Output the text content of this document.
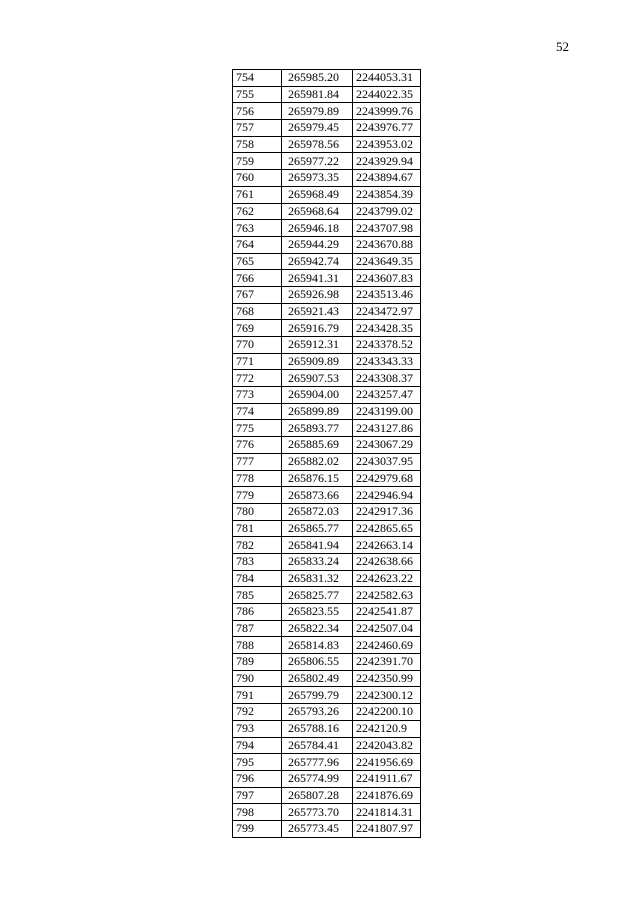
52
754	265985.20	2244053.31
755	265981.84	2244022.35
756	265979.89	2243999.76
757	265979.45	2243976.77
758	265978.56	2243953.02
759	265977.22	2243929.94
760	265973.35	2243894.67
761	265968.49	2243854.39
762	265968.64	2243799.02
763	265946.18	2243707.98
764	265944.29	2243670.88
765	265942.74	2243649.35
766	265941.31	2243607.83
767	265926.98	2243513.46
768	265921.43	2243472.97
769	265916.79	2243428.35
770	265912.31	2243378.52
771	265909.89	2243343.33
772	265907.53	2243308.37
773	265904.00	2243257.47
774	265899.89	2243199.00
775	265893.77	2243127.86
776	265885.69	2243067.29
777	265882.02	2243037.95
778	265876.15	2242979.68
779	265873.66	2242946.94
780	265872.03	2242917.36
781	265865.77	2242865.65
782	265841.94	2242663.14
783	265833.24	2242638.66
784	265831.32	2242623.22
785	265825.77	2242582.63
786	265823.55	2242541.87
787	265822.34	2242507.04
788	265814.83	2242460.69
789	265806.55	2242391.70
790	265802.49	2242350.99
791	265799.79	2242300.12
792	265793.26	2242200.10
793	265788.16	2242120.9
794	265784.41	2242043.82
795	265777.96	2241956.69
796	265774.99	2241911.67
797	265807.28	2241876.69
798	265773.70	2241814.31
799	265773.45	2241807.97
